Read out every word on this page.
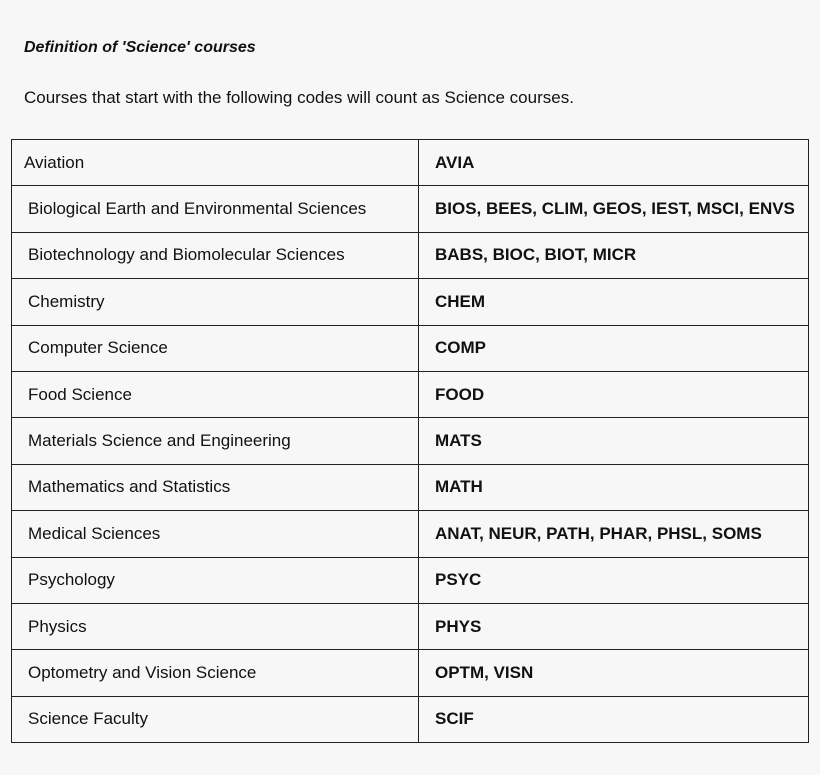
Definition of 'Science' courses
Courses that start with the following codes will count as Science courses.
Aviation	AVIA
Biological Earth and Environmental Sciences	BIOS, BEES, CLIM, GEOS, IEST, MSCI, ENVS
Biotechnology and Biomolecular Sciences	BABS, BIOC, BIOT, MICR
Chemistry	CHEM
Computer Science	COMP
Food Science	FOOD
Materials Science and Engineering	MATS
Mathematics and Statistics	MATH
Medical Sciences	ANAT, NEUR, PATH, PHAR, PHSL, SOMS
Psychology	PSYC
Physics	PHYS
Optometry and Vision Science	OPTM, VISN
Science Faculty	SCIF
